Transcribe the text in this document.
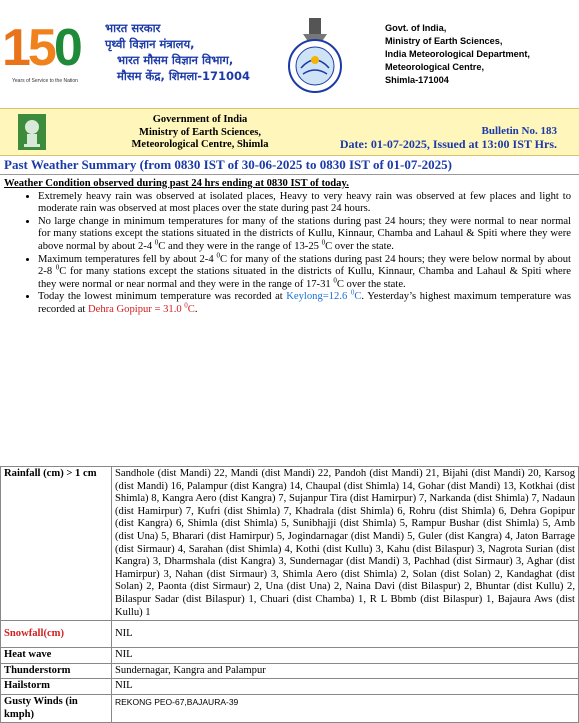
150
Years of Service to the Nation
भारत सरकार
पृथ्वी विज्ञान मंत्रालय,
भारत मौसम विज्ञान विभाग,
मौसम केंद्र, शिमला-171004
Govt. of India,
Ministry of Earth Sciences,
India Meteorological Department,
Meteorological Centre,
Shimla-171004
Government of India
Ministry of Earth Sciences,
Meteorological Centre, Shimla
Bulletin No. 183
Date: 01-07-2025, Issued at 13:00 IST Hrs.
Past Weather Summary (from 0830 IST of 30-06-2025 to 0830 IST of 01-07-2025)
Weather Condition observed during past 24 hrs ending at 0830 IST of today.
• Extremely heavy rain was observed at isolated places, Heavy to very heavy rain was observed at few places and light to moderate rain was observed at most places over the state during past 24 hours.
• No large change in minimum temperatures for many of the stations during past 24 hours; they were normal to near normal for many stations except the stations situated in the districts of Kullu, Kinnaur, Chamba and Lahaul & Spiti where they were above normal by about 2-4 $^0$C and they were in the range of 13-25 $^0$C over the state.
• Maximum temperatures fell by about 2-4 $^0$C for many of the stations during past 24 hours; they were below normal by about 2-8 $^0$C for many stations except the stations situated in the districts of Kullu, Kinnaur, Chamba and Lahaul & Spiti where they were normal or near normal and they were in the range of 17-31 $^0$C over the state.
• Today the lowest minimum temperature was recorded at Keylong=12.6 $^0$C. Yesterday’s highest maximum temperature was recorded at Dehra Gopipur = 31.0 $^0$C.
Rainfall (cm) > 1 cm	Sandhole (dist Mandi) 22, Mandi (dist Mandi) 22, Pandoh (dist Mandi) 21, Bijahi (dist Mandi) 20, Karsog (dist Mandi) 16, Palampur (dist Kangra) 14, Chaupal (dist Shimla) 14, Gohar (dist Mandi) 13, Kotkhai (dist Shimla) 8, Kangra Aero (dist Kangra) 7, Sujanpur Tira (dist Hamirpur) 7, Narkanda (dist Shimla) 7, Nadaun (dist Hamirpur) 7, Kufri (dist Shimla) 7, Khadrala (dist Shimla) 6, Rohru (dist Shimla) 6, Dehra Gopipur (dist Kangra) 6, Shimla (dist Shimla) 5, Sunibhajji (dist Shimla) 5, Rampur Bushar (dist Shimla) 5, Amb (dist Una) 5, Bharari (dist Hamirpur) 5, Jogindarnagar (dist Mandi) 5, Guler (dist Kangra) 4, Jaton Barrage (dist Sirmaur) 4, Sarahan (dist Shimla) 4, Kothi (dist Kullu) 3, Kahu (dist Bilaspur) 3, Nagrota Surian (dist Kangra) 3, Dharmshala (dist Kangra) 3, Sundernagar (dist Mandi) 3, Pachhad (dist Sirmaur) 3, Aghar (dist Hamirpur) 3, Nahan (dist Sirmaur) 3, Shimla Aero (dist Shimla) 2, Solan (dist Solan) 2, Kandaghat (dist Solan) 2, Paonta (dist Sirmaur) 2, Una (dist Una) 2, Naina Davi (dist Bilaspur) 2, Bhuntar (dist Kullu) 2, Bilaspur Sadar (dist Bilaspur) 1, Chuari (dist Chamba) 1, R L Bbmb (dist Bilaspur) 1, Bajaura Aws (dist Kullu) 1
Snowfall(cm)	NIL
Heat wave	NIL
Thunderstorm	Sundernagar, Kangra and Palampur
Hailstorm	NIL
Gusty Winds (in kmph)	REKONG PEO-67,BAJAURA-39
